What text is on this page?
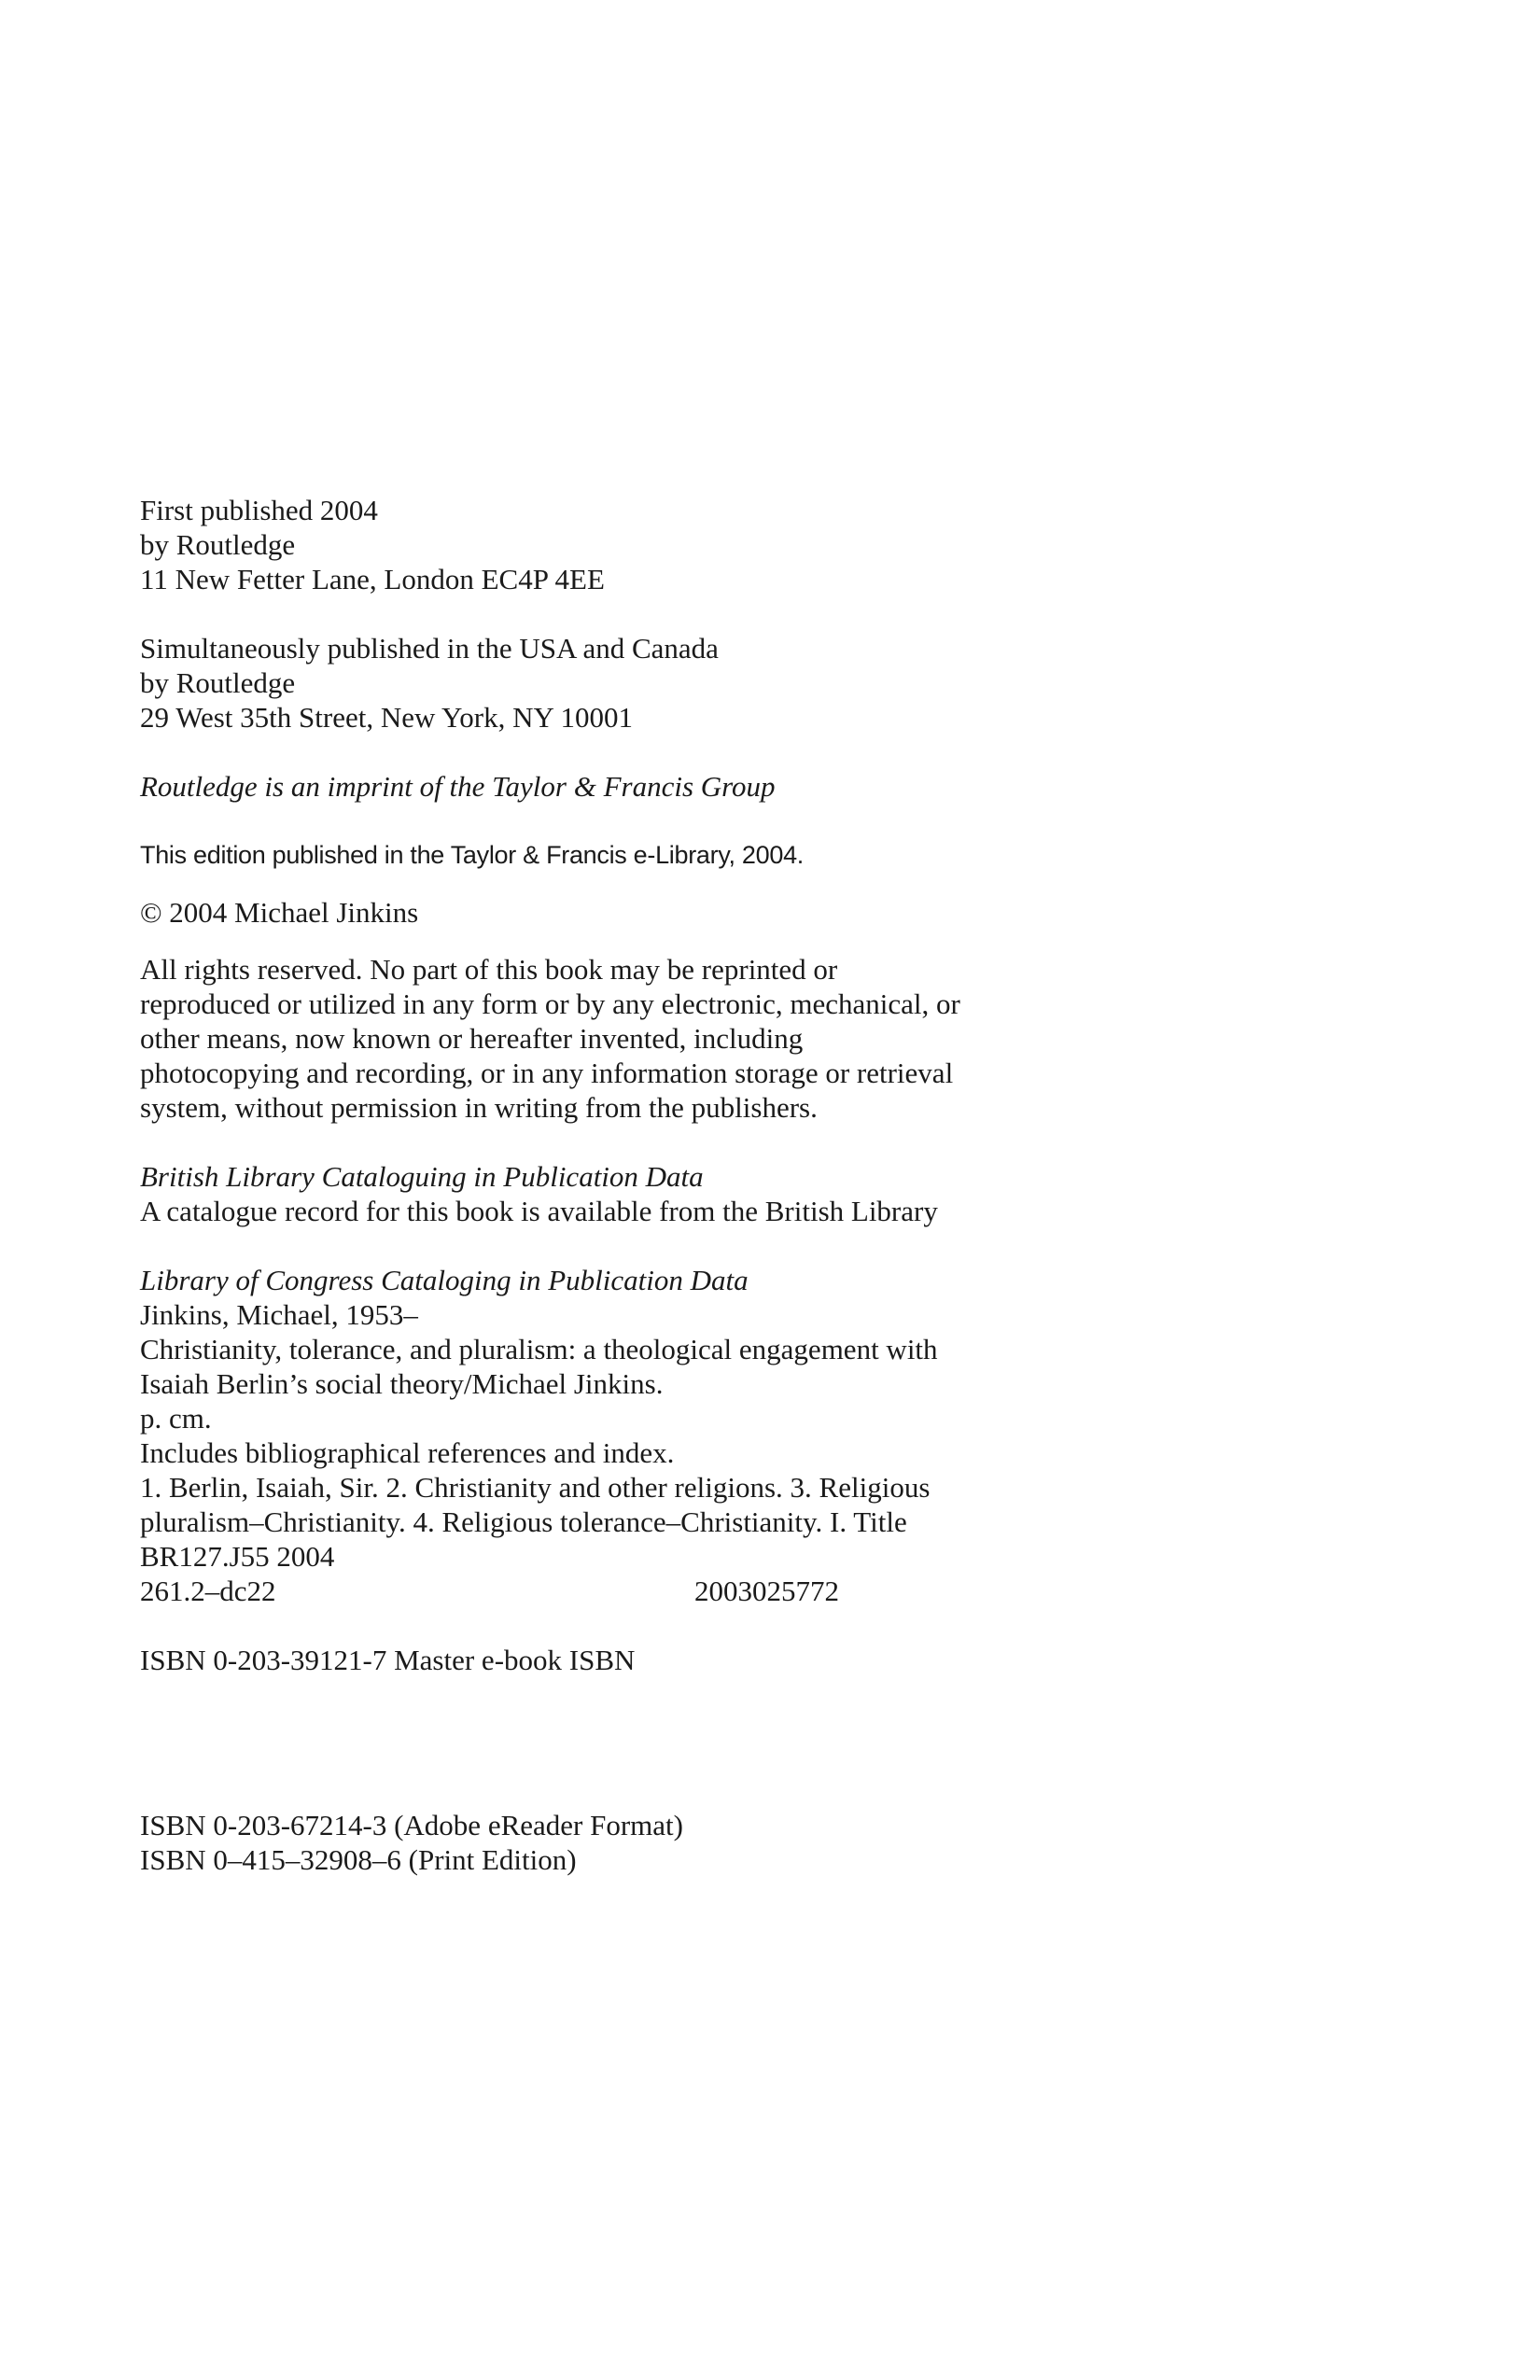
First published 2004
by Routledge
11 New Fetter Lane, London EC4P 4EE
Simultaneously published in the USA and Canada
by Routledge
29 West 35th Street, New York, NY 10001
Routledge is an imprint of the Taylor & Francis Group
This edition published in the Taylor & Francis e-Library, 2004.
© 2004 Michael Jinkins
All rights reserved. No part of this book may be reprinted or
reproduced or utilized in any form or by any electronic, mechanical, or
other means, now known or hereafter invented, including
photocopying and recording, or in any information storage or retrieval
system, without permission in writing from the publishers.
British Library Cataloguing in Publication Data
A catalogue record for this book is available from the British Library
Library of Congress Cataloging in Publication Data
Jinkins, Michael, 1953–
Christianity, tolerance, and pluralism: a theological engagement with
Isaiah Berlin’s social theory/Michael Jinkins.
p. cm.
Includes bibliographical references and index.
1. Berlin, Isaiah, Sir. 2. Christianity and other religions. 3. Religious
pluralism–Christianity. 4. Religious tolerance–Christianity. I. Title
BR127.J55 2004
261.2–dc22	2003025772
ISBN 0-203-39121-7 Master e-book ISBN
ISBN 0-203-67214-3 (Adobe eReader Format)
ISBN 0–415–32908–6 (Print Edition)
